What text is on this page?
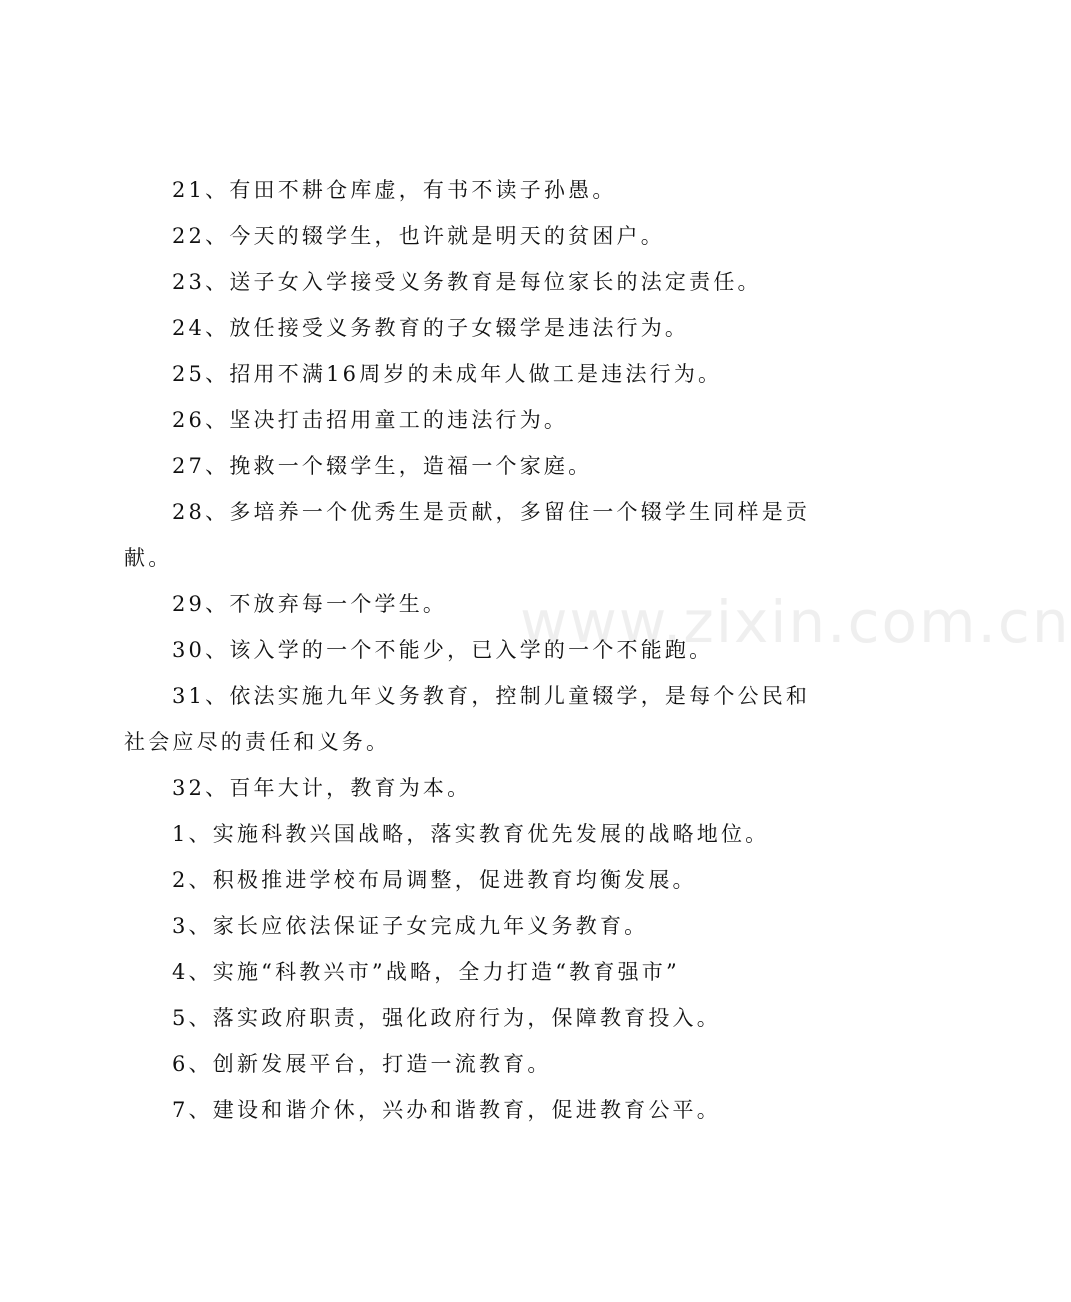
www.zixin.com.cn

21、有田不耕仓库虚，有书不读子孙愚。

22、今天的辍学生，也许就是明天的贫困户。

23、送子女入学接受义务教育是每位家长的法定责任。

24、放任接受义务教育的子女辍学是违法行为。

25、招用不满16周岁的未成年人做工是违法行为。

26、坚决打击招用童工的违法行为。

27、挽救一个辍学生，造福一个家庭。

28、多培养一个优秀生是贡献，多留住一个辍学生同样是贡献。

29、不放弃每一个学生。

30、该入学的一个不能少，已入学的一个不能跑。

31、依法实施九年义务教育，控制儿童辍学，是每个公民和社会应尽的责任和义务。

32、百年大计，教育为本。

1、实施科教兴国战略，落实教育优先发展的战略地位。

2、积极推进学校布局调整，促进教育均衡发展。

3、家长应依法保证子女完成九年义务教育。

4、实施“科教兴市”战略，全力打造“教育强市”

5、落实政府职责，强化政府行为，保障教育投入。

6、创新发展平台，打造一流教育。

7、建设和谐介休，兴办和谐教育，促进教育公平。
